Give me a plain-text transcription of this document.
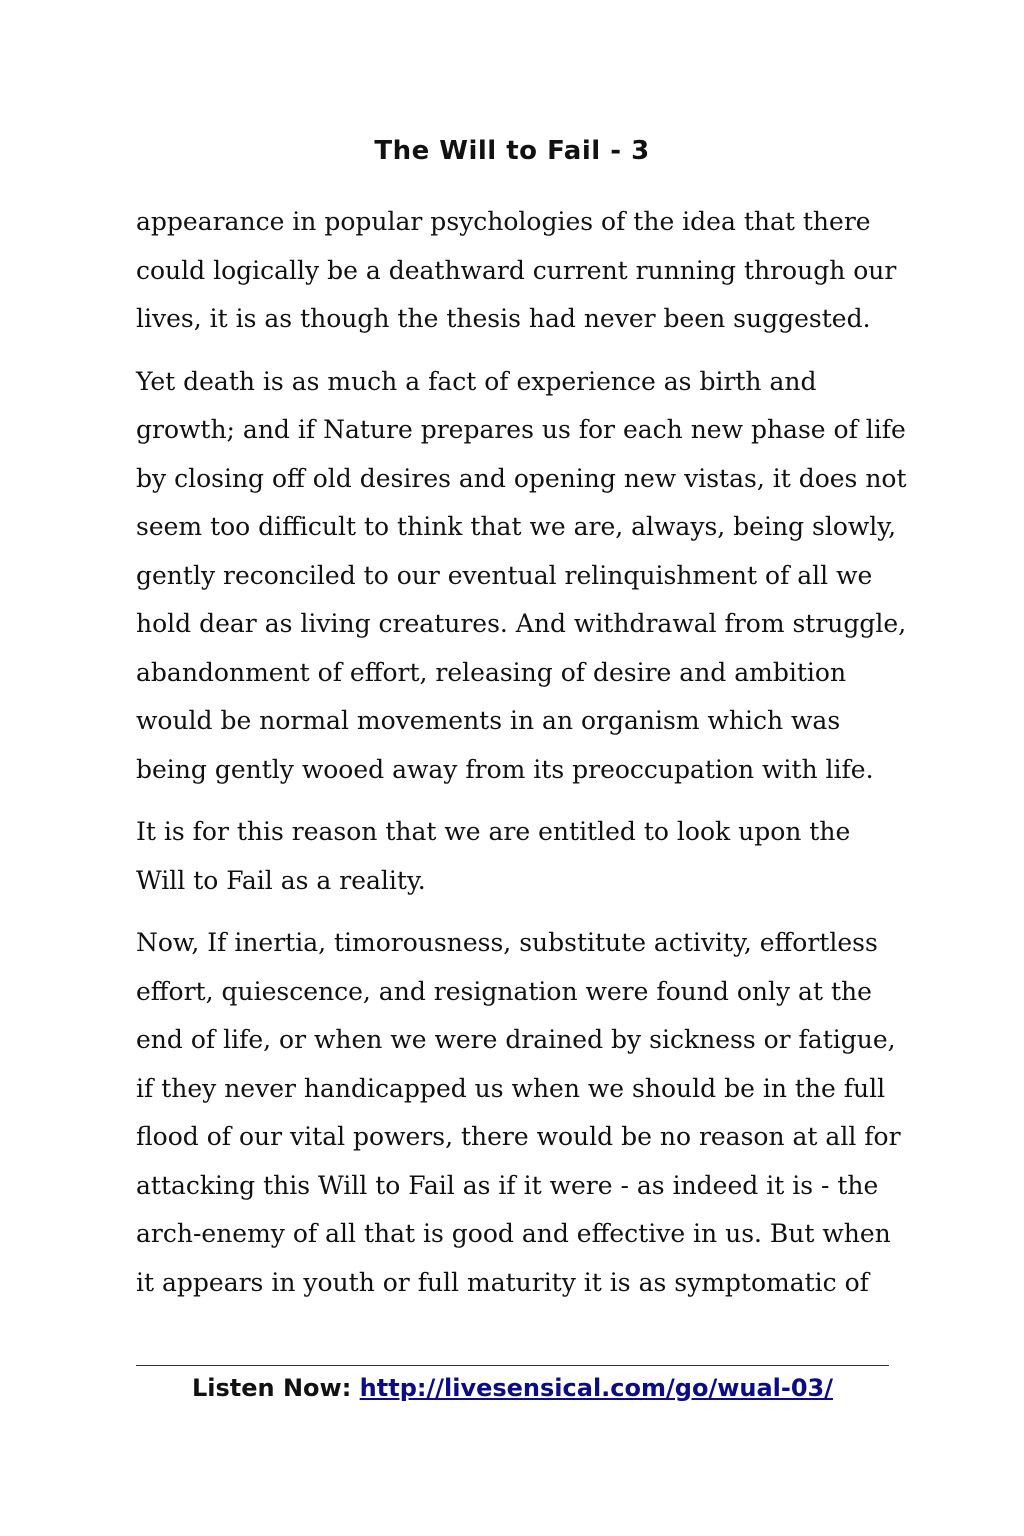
The Will to Fail - 3

appearance in popular psychologies of the idea that there
could logically be a deathward current running through our
lives, it is as though the thesis had never been suggested.

Yet death is as much a fact of experience as birth and
growth; and if Nature prepares us for each new phase of life
by closing off old desires and opening new vistas, it does not
seem too difficult to think that we are, always, being slowly,
gently reconciled to our eventual relinquishment of all we
hold dear as living creatures. And withdrawal from struggle,
abandonment of effort, releasing of desire and ambition
would be normal movements in an organism which was
being gently wooed away from its preoccupation with life.

It is for this reason that we are entitled to look upon the
Will to Fail as a reality.

Now, If inertia, timorousness, substitute activity, effortless
effort, quiescence, and resignation were found only at the
end of life, or when we were drained by sickness or fatigue,
if they never handicapped us when we should be in the full
flood of our vital powers, there would be no reason at all for
attacking this Will to Fail as if it were - as indeed it is - the
arch-enemy of all that is good and effective in us. But when
it appears in youth or full maturity it is as symptomatic of

Listen Now: http://livesensical.com/go/wual-03/
